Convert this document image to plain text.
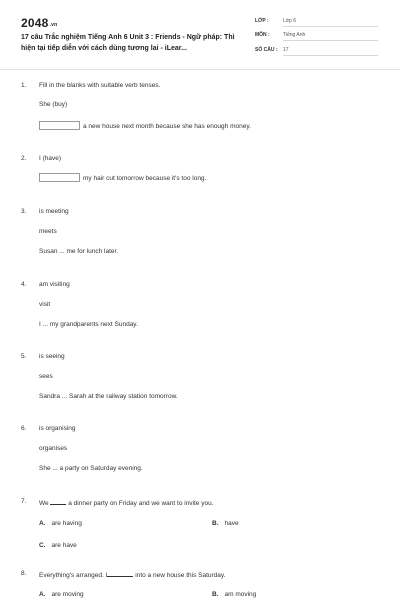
2048.vn
17 câu Trắc nghiệm Tiếng Anh 6 Unit 3 : Friends - Ngữ pháp: Thì hiện tại tiếp diễn với cách dùng tương lai - iLear...
LỚP :	Lớp 6
MÔN :	Tiếng Anh
SỐ CÂU : 17
1. Fill in the blanks with suitable verb tenses.
She (buy)
a new house next month because she has enough money.
2. I (have)
my hair cut tomorrow because it's too long.
3. is meeting
meets
Susan ... me for lunch later.
4. am visiting
visit
I ... my grandparents next Sunday.
5. is seeing
sees
Sandra ... Sarah at the railway station tomorrow.
6. is organising
organises
She ... a party on Saturday evening.
7. We	a dinner party on Friday and we want to invite you.
A. are having	B. have
C. are have
8. Everything's arranged. I	into a new house this Saturday.
A. are moving	B. am moving
